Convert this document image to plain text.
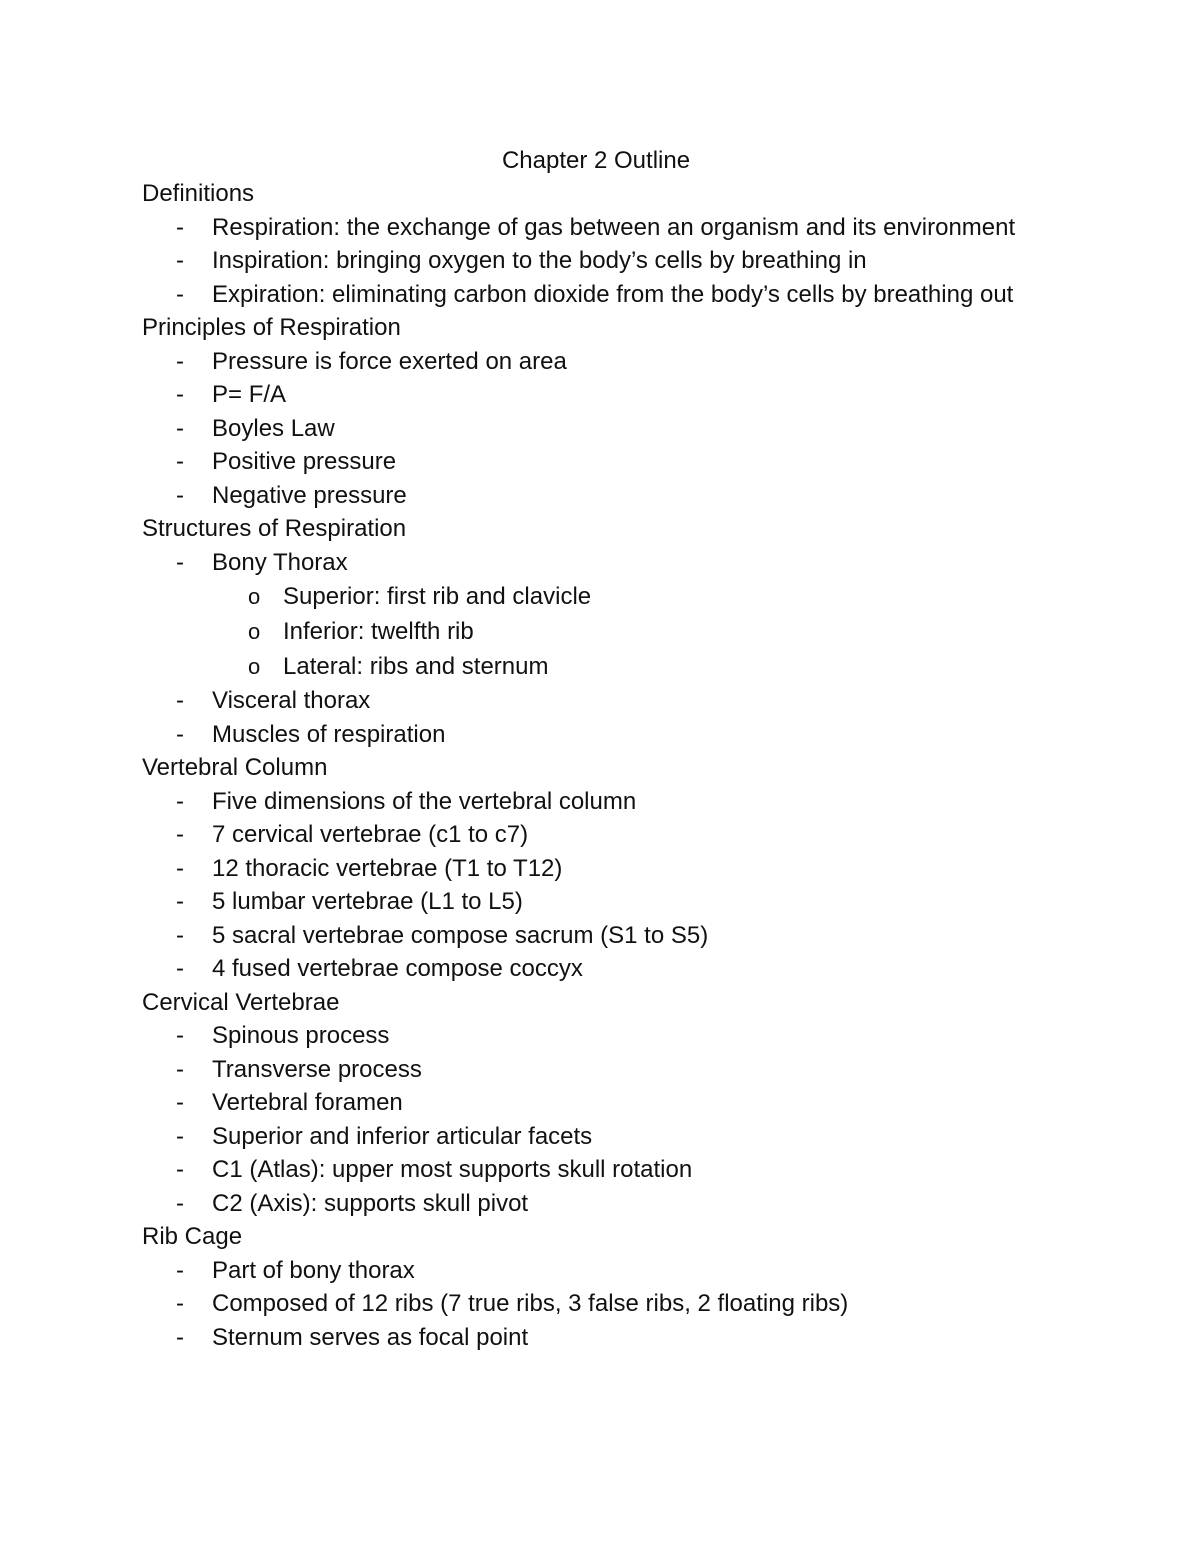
Chapter 2 Outline
Definitions
- Respiration: the exchange of gas between an organism and its environment
- Inspiration: bringing oxygen to the body’s cells by breathing in
- Expiration: eliminating carbon dioxide from the body’s cells by breathing out
Principles of Respiration
- Pressure is force exerted on area
- P= F/A
- Boyles Law
- Positive pressure
- Negative pressure
Structures of Respiration
- Bony Thorax
o Superior: first rib and clavicle
o Inferior: twelfth rib
o Lateral: ribs and sternum
- Visceral thorax
- Muscles of respiration
Vertebral Column
- Five dimensions of the vertebral column
- 7 cervical vertebrae (c1 to c7)
- 12 thoracic vertebrae (T1 to T12)
- 5 lumbar vertebrae (L1 to L5)
- 5 sacral vertebrae compose sacrum (S1 to S5)
- 4 fused vertebrae compose coccyx
Cervical Vertebrae
- Spinous process
- Transverse process
- Vertebral foramen
- Superior and inferior articular facets
- C1 (Atlas): upper most supports skull rotation
- C2 (Axis): supports skull pivot
Rib Cage
- Part of bony thorax
- Composed of 12 ribs (7 true ribs, 3 false ribs, 2 floating ribs)
- Sternum serves as focal point
